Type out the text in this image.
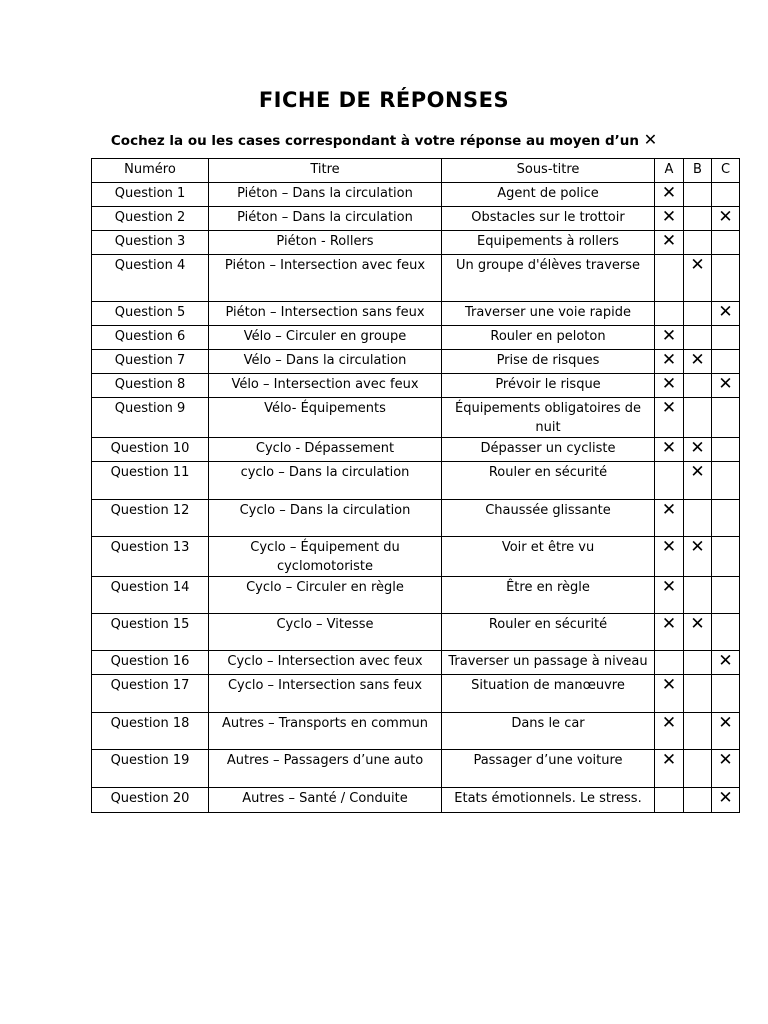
FICHE DE RÉPONSES
Cochez la ou les cases correspondant à votre réponse au moyen d’un ✕
Numéro	Titre	Sous-titre	A	B	C
Question 1	Piéton – Dans la circulation	Agent de police	✕		
Question 2	Piéton – Dans la circulation	Obstacles sur le trottoir	✕		✕
Question 3	Piéton - Rollers	Equipements à rollers	✕		
Question 4	Piéton – Intersection avec feux	Un groupe d'élèves traverse		✕	
Question 5	Piéton – Intersection sans feux	Traverser une voie rapide			✕
Question 6	Vélo – Circuler en groupe	Rouler en peloton	✕		
Question 7	Vélo – Dans la circulation	Prise de risques	✕	✕	
Question 8	Vélo – Intersection avec feux	Prévoir le risque	✕		✕
Question 9	Vélo- Équipements	Équipements obligatoires de nuit	✕		
Question 10	Cyclo - Dépassement	Dépasser un cycliste	✕	✕	
Question 11	cyclo – Dans la circulation	Rouler en sécurité		✕	
Question 12	Cyclo – Dans la circulation	Chaussée glissante	✕		
Question 13	Cyclo – Équipement du cyclomotoriste	Voir et être vu	✕	✕	
Question 14	Cyclo – Circuler en règle	Être en règle	✕		
Question 15	Cyclo – Vitesse	Rouler en sécurité	✕	✕	
Question 16	Cyclo – Intersection avec feux	Traverser un passage à niveau			✕
Question 17	Cyclo – Intersection sans feux	Situation de manœuvre	✕		
Question 18	Autres – Transports en commun	Dans le car	✕		✕
Question 19	Autres – Passagers d’une auto	Passager d’une voiture	✕		✕
Question 20	Autres – Santé / Conduite	Etats émotionnels. Le stress.			✕
